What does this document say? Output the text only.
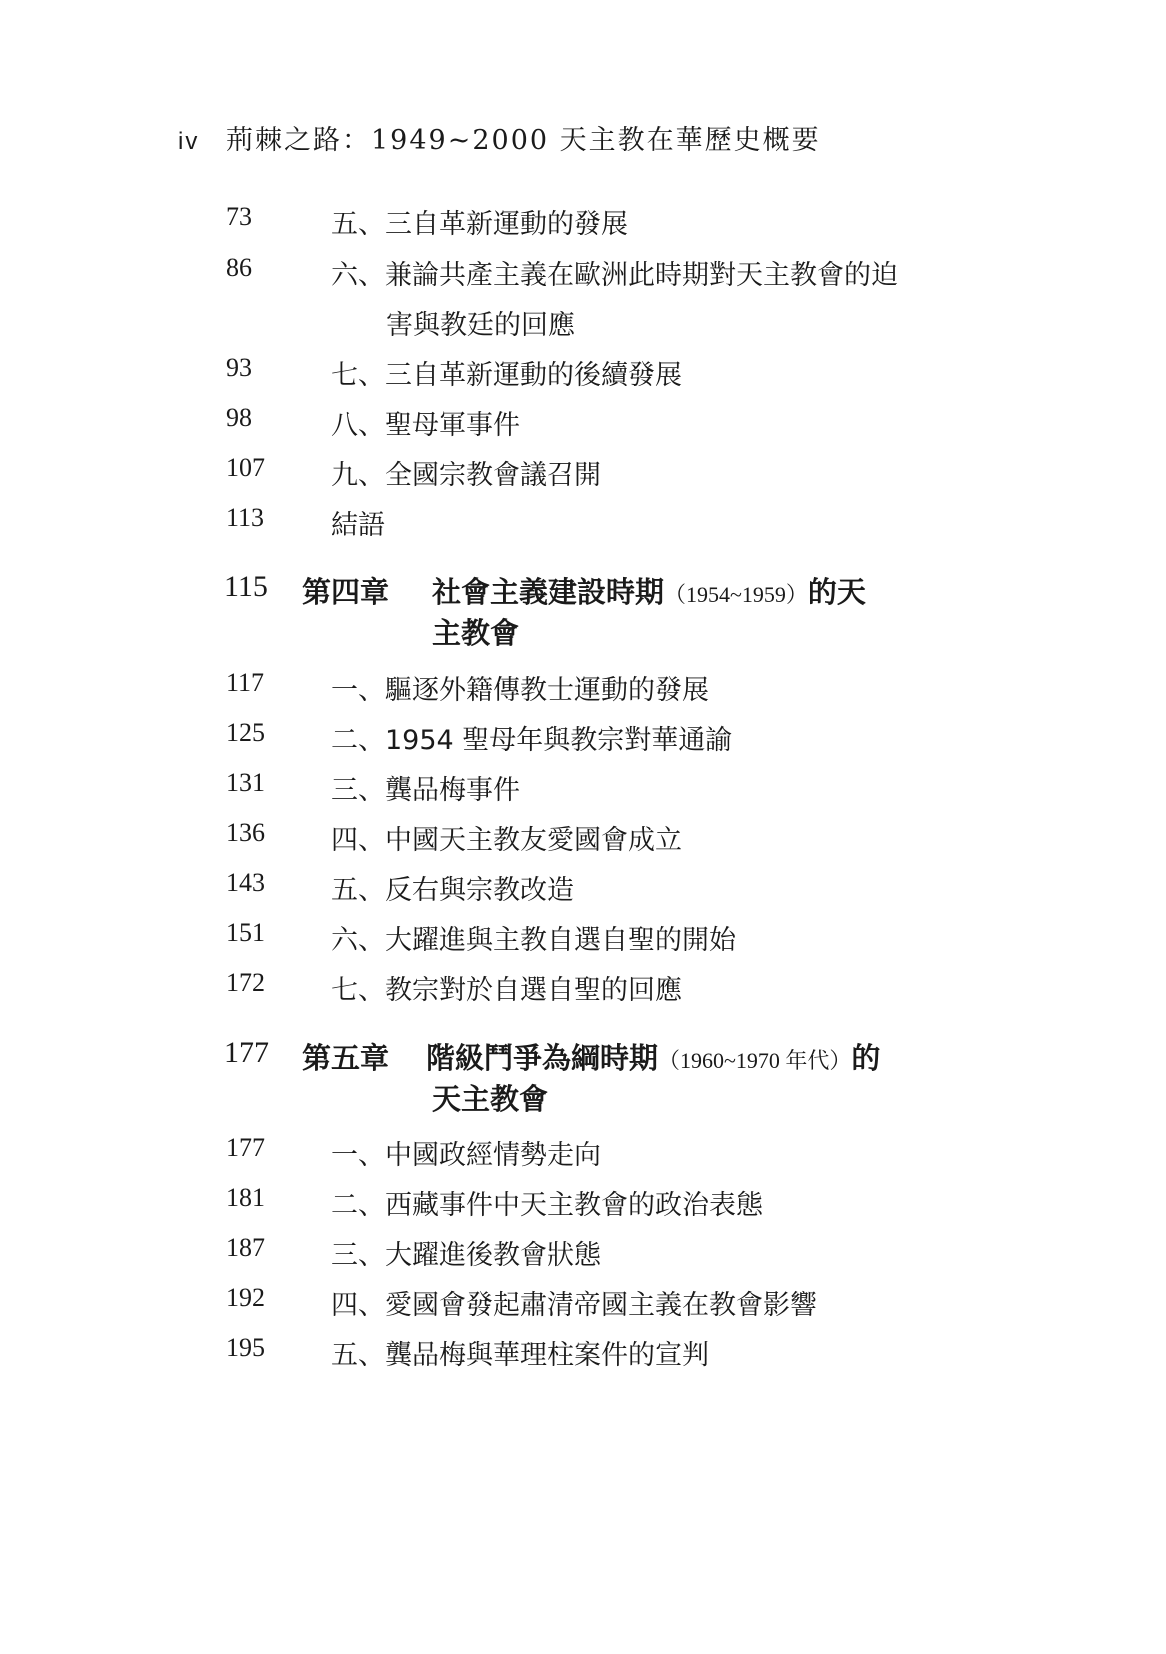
iv 荊棘之路：1949~2000 天主教在華歷史概要
73	五、三自革新運動的發展
86	六、兼論共產主義在歐洲此時期對天主教會的迫
害與教廷的回應
93	七、三自革新運動的後續發展
98	八、聖母軍事件
107 九、全國宗教會議召開
113 結語
115 第四章 社會主義建設時期（1954~1959）的天
主教會
117 一、驅逐外籍傳教士運動的發展
125 二、1954 聖母年與教宗對華通諭
131 三、龔品梅事件
136 四、中國天主教友愛國會成立
143 五、反右與宗教改造
151 六、大躍進與主教自選自聖的開始
172 七、教宗對於自選自聖的回應
177 第五章 階級鬥爭為綱時期（1960~1970 年代）的
天主教會
177 一、中國政經情勢走向
181 二、西藏事件中天主教會的政治表態
187 三、大躍進後教會狀態
192 四、愛國會發起肅清帝國主義在教會影響
195 五、龔品梅與華理柱案件的宣判
